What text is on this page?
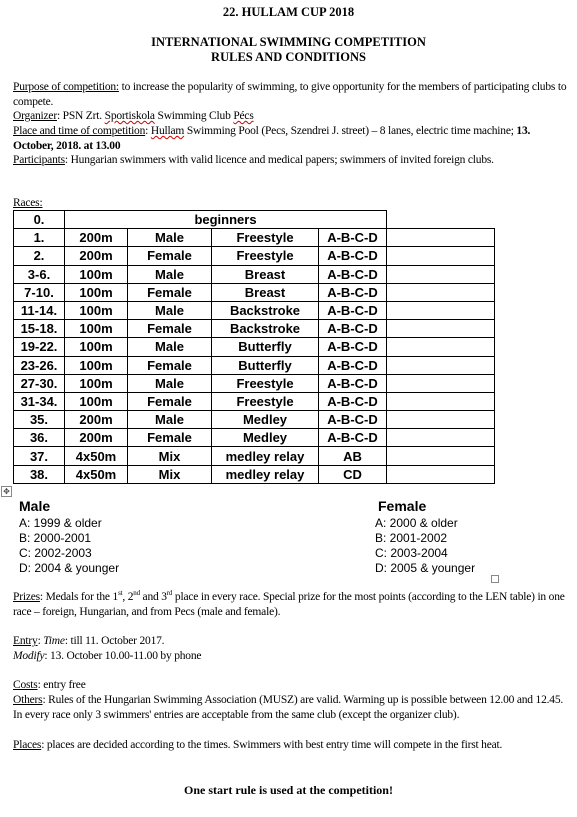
22. HULLAM CUP 2018
INTERNATIONAL SWIMMING COMPETITION
RULES AND CONDITIONS
Purpose of competition: to increase the popularity of swimming, to give opportunity for the members of participating clubs to compete.
Organizer: PSN Zrt. Sportiskola Swimming Club Pécs
Place and time of competition: Hullam Swimming Pool (Pecs, Szendrei J. street) – 8 lanes, electric time machine; 13. October, 2018. at 13.00
Participants: Hungarian swimmers with valid licence and medical papers; swimmers of invited foreign clubs.
Races:
0.	beginners				
1.	200m	Male	Freestyle	A-B-C-D	
2.	200m	Female	Freestyle	A-B-C-D	
3-6.	100m	Male	Breast	A-B-C-D	
7-10.	100m	Female	Breast	A-B-C-D	
11-14.	100m	Male	Backstroke	A-B-C-D	
15-18.	100m	Female	Backstroke	A-B-C-D	
19-22.	100m	Male	Butterfly	A-B-C-D	
23-26.	100m	Female	Butterfly	A-B-C-D	
27-30.	100m	Male	Freestyle	A-B-C-D	
31-34.	100m	Female	Freestyle	A-B-C-D	
35.	200m	Male	Medley	A-B-C-D	
36.	200m	Female	Medley	A-B-C-D	
37.	4x50m	Mix	medley relay	AB	
38.	4x50m	Mix	medley relay	CD	
✥
Male
A: 1999 & older
B: 2000-2001
C: 2002-2003
D: 2004 & younger
Female
A: 2000 & older
B: 2001-2002
C: 2003-2004
D: 2005 & younger
Prizes: Medals for the 1st, 2nd and 3rd place in every race. Special prize for the most points (according to the LEN table) in one race – foreign, Hungarian, and from Pecs (male and female).
Entry: Time: till 11. October 2017.
Modify: 13. October 10.00-11.00 by phone
Costs: entry free
Others: Rules of the Hungarian Swimming Association (MUSZ) are valid. Warming up is possible between 12.00 and 12.45. In every race only 3 swimmers' entries are acceptable from the same club (except the organizer club).
Places: places are decided according to the times. Swimmers with best entry time will compete in the first heat.
One start rule is used at the competition!
